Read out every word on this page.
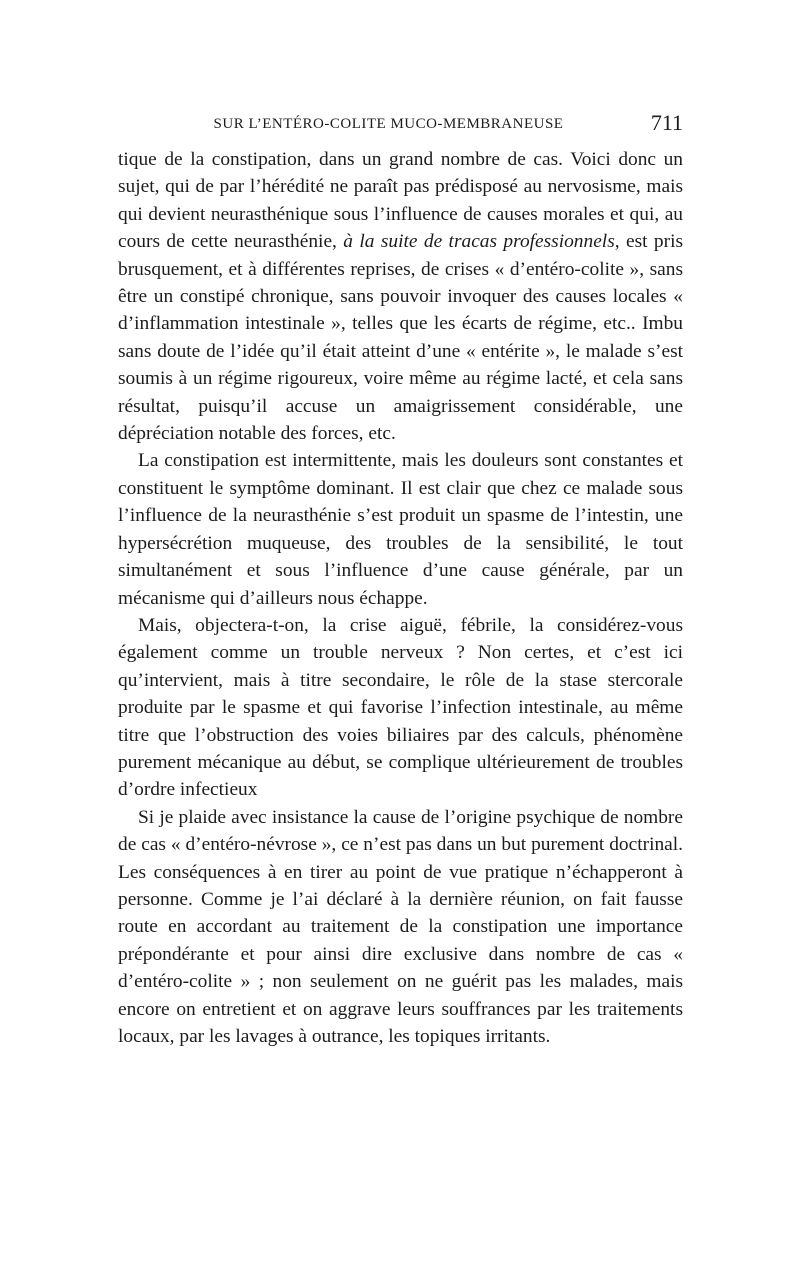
SUR L’ENTÉRO-COLITE MUCO-MEMBRANEUSE	711

tique de la constipation, dans un grand nombre de cas. Voici donc un sujet, qui de par l’hérédité ne paraît pas prédisposé au nervosisme, mais qui devient neurasthénique sous l’influence de causes morales et qui, au cours de cette neurasthénie, à la suite de tracas professionnels, est pris brusquement, et à différentes reprises, de crises « d’entéro-colite », sans être un constipé chronique, sans pouvoir invoquer des causes locales « d’inflammation intestinale », telles que les écarts de régime, etc.. Imbu sans doute de l’idée qu’il était atteint d’une « entérite », le malade s’est soumis à un régime rigoureux, voire même au régime lacté, et cela sans résultat, puisqu’il accuse un amaigrissement considérable, une dépréciation notable des forces, etc.

La constipation est intermittente, mais les douleurs sont constantes et constituent le symptôme dominant. Il est clair que chez ce malade sous l’influence de la neurasthénie s’est produit un spasme de l’intestin, une hypersécrétion muqueuse, des troubles de la sensibilité, le tout simultanément et sous l’influence d’une cause générale, par un mécanisme qui d’ailleurs nous échappe.

Mais, objectera-t-on, la crise aiguë, fébrile, la considérez-vous également comme un trouble nerveux ? Non certes, et c’est ici qu’intervient, mais à titre secondaire, le rôle de la stase stercorale produite par le spasme et qui favorise l’infection intestinale, au même titre que l’obstruction des voies biliaires par des calculs, phénomène purement mécanique au début, se complique ultérieurement de troubles d’ordre infectieux

Si je plaide avec insistance la cause de l’origine psychique de nombre de cas « d’entéro-névrose », ce n’est pas dans un but purement doctrinal. Les conséquences à en tirer au point de vue pratique n’échapperont à personne. Comme je l’ai déclaré à la dernière réunion, on fait fausse route en accordant au traitement de la constipation une importance prépondérante et pour ainsi dire exclusive dans nombre de cas « d’entéro-colite » ; non seulement on ne guérit pas les malades, mais encore on entretient et on aggrave leurs souffrances par les traitements locaux, par les lavages à outrance, les topiques irritants.
